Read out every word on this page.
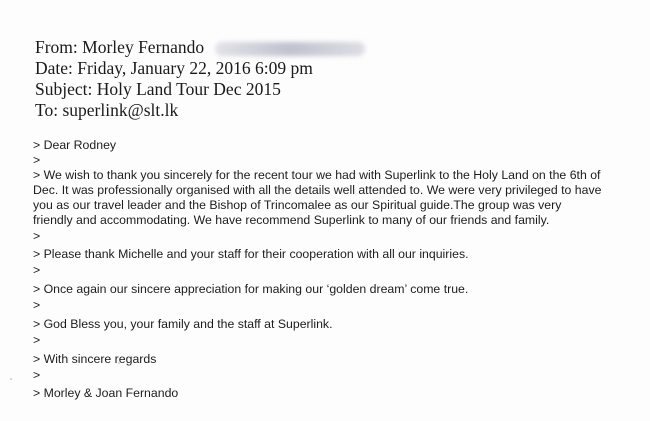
From: Morley Fernando
Date: Friday, January 22, 2016 6:09 pm
Subject: Holy Land Tour Dec 2015
To: superlink@slt.lk
> Dear Rodney
>
> We wish to thank you sincerely for the recent tour we had with Superlink to the Holy Land on the 6th of
Dec. It was professionally organised with all the details well attended to. We were very privileged to have
you as our travel leader and the Bishop of Trincomalee as our Spiritual guide.The group was very
friendly and accommodating. We have recommend Superlink to many of our friends and family.
>
> Please thank Michelle and your staff for their cooperation with all our inquiries.
>
> Once again our sincere appreciation for making our ‘golden dream’ come true.
>
> God Bless you, your family and the staff at Superlink.
>
> With sincere regards
>
> Morley & Joan Fernando
